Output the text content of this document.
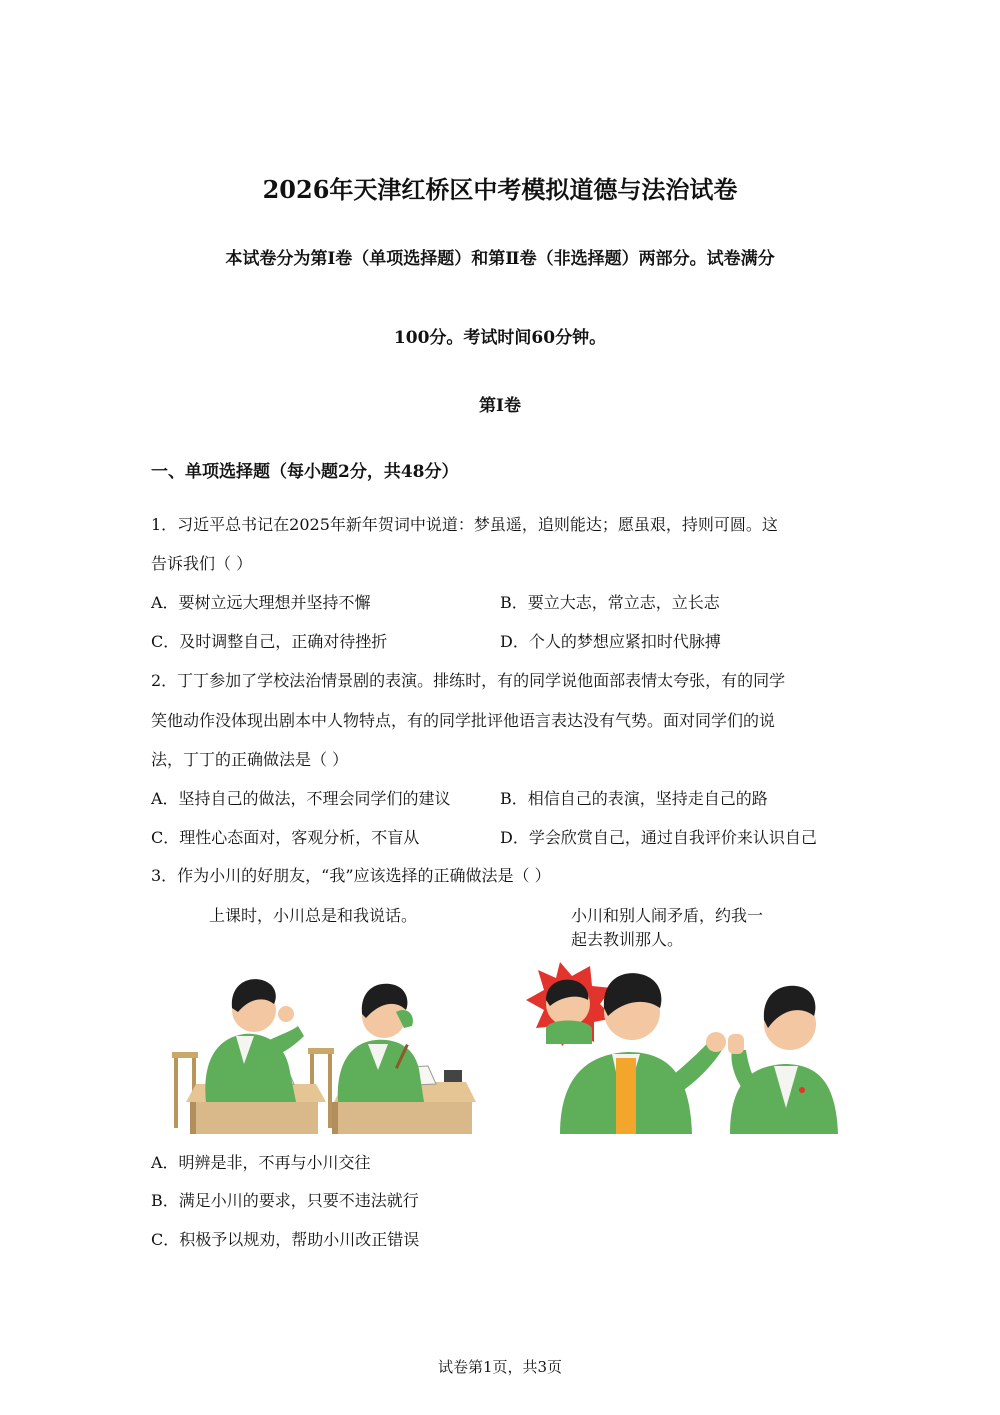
2026年天津红桥区中考模拟道德与法治试卷
本试卷分为第Ⅰ卷（单项选择题）和第Ⅱ卷（非选择题）两部分。试卷满分
100分。考试时间60分钟。
第Ⅰ卷
一、单项选择题（每小题2分，共48分）
1．习近平总书记在2025年新年贺词中说道：梦虽遥，追则能达；愿虽艰，持则可圆。这
告诉我们（ ）
A．要树立远大理想并坚持不懈	B．要立大志，常立志，立长志
C．及时调整自己，正确对待挫折	D．个人的梦想应紧扣时代脉搏
2．丁丁参加了学校法治情景剧的表演。排练时，有的同学说他面部表情太夸张，有的同学
笑他动作没体现出剧本中人物特点，有的同学批评他语言表达没有气势。面对同学们的说
法，丁丁的正确做法是（ ）
A．坚持自己的做法，不理会同学们的建议	B．相信自己的表演，坚持走自己的路
C．理性心态面对，客观分析，不盲从	D．学会欣赏自己，通过自我评价来认识自己
3．作为小川的好朋友，“我”应该选择的正确做法是（ ）
上课时，小川总是和我说话。	小川和别人闹矛盾，约我一
起去教训那人。
A．明辨是非，不再与小川交往
B．满足小川的要求，只要不违法就行
C．积极予以规劝，帮助小川改正错误
试卷第1页，共3页
